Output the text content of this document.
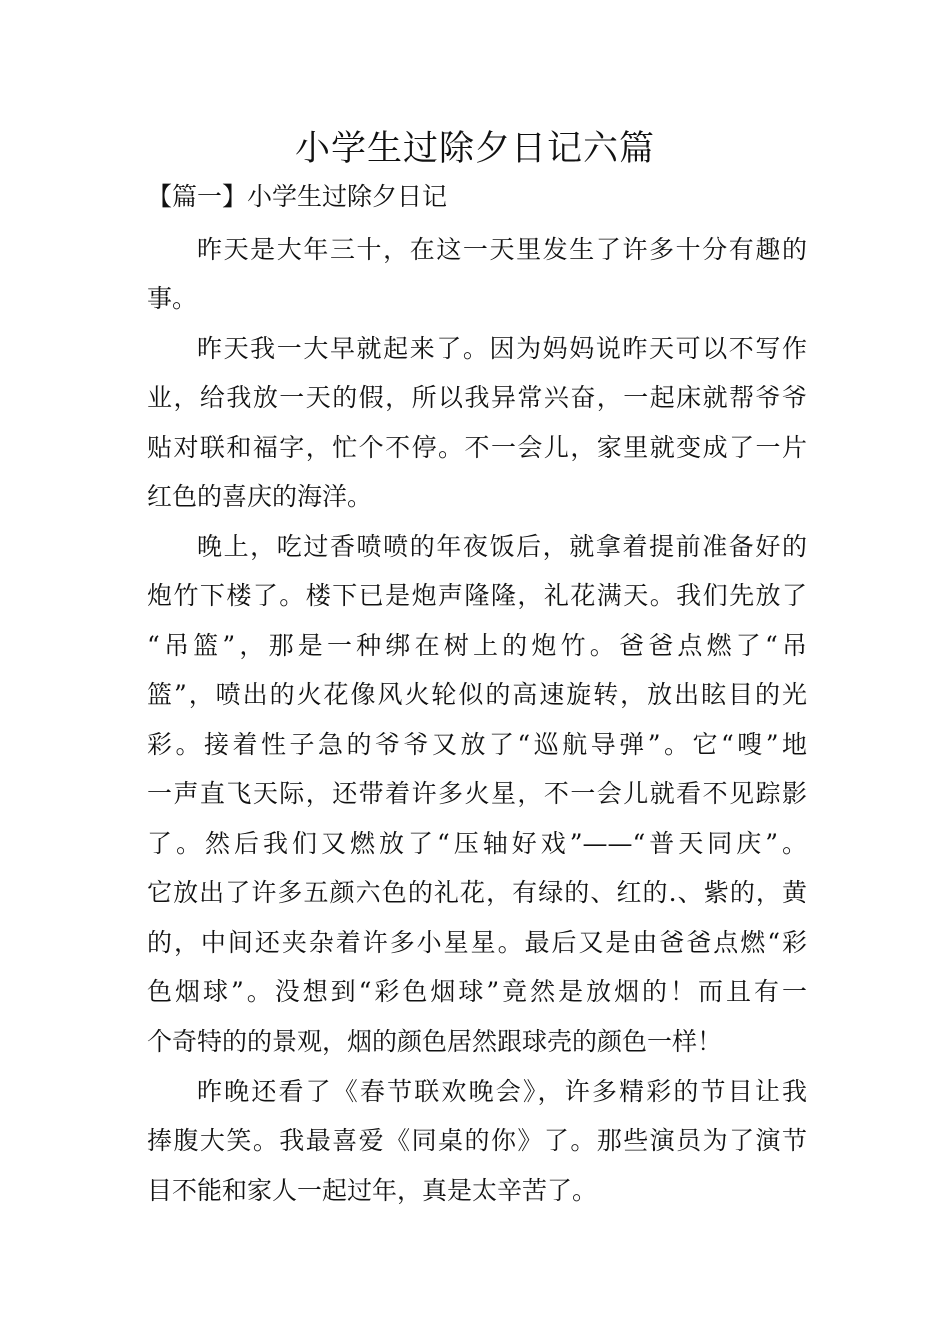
小学生过除夕日记六篇
【篇一】小学生过除夕日记
昨天是大年三十，在这一天里发生了许多十分有趣的
事。
昨天我一大早就起来了。因为妈妈说昨天可以不写作
业，给我放一天的假，所以我异常兴奋，一起床就帮爷爷
贴对联和福字，忙个不停。不一会儿，家里就变成了一片
红色的喜庆的海洋。
晚上，吃过香喷喷的年夜饭后，就拿着提前准备好的
炮竹下楼了。楼下已是炮声隆隆，礼花满天。我们先放了
“吊篮”，那是一种绑在树上的炮竹。爸爸点燃了“吊
篮”，喷出的火花像风火轮似的高速旋转，放出眩目的光
彩。接着性子急的爷爷又放了“巡航导弹”。它“嗖”地
一声直飞天际，还带着许多火星，不一会儿就看不见踪影
了。然后我们又燃放了“压轴好戏”——“普天同庆”。
它放出了许多五颜六色的礼花，有绿的、红的.、紫的，黄
的，中间还夹杂着许多小星星。最后又是由爸爸点燃“彩
色烟球”。没想到“彩色烟球”竟然是放烟的！而且有一
个奇特的的景观，烟的颜色居然跟球壳的颜色一样！
昨晚还看了《春节联欢晚会》，许多精彩的节目让我
捧腹大笑。我最喜爱《同桌的你》了。那些演员为了演节
目不能和家人一起过年，真是太辛苦了。
